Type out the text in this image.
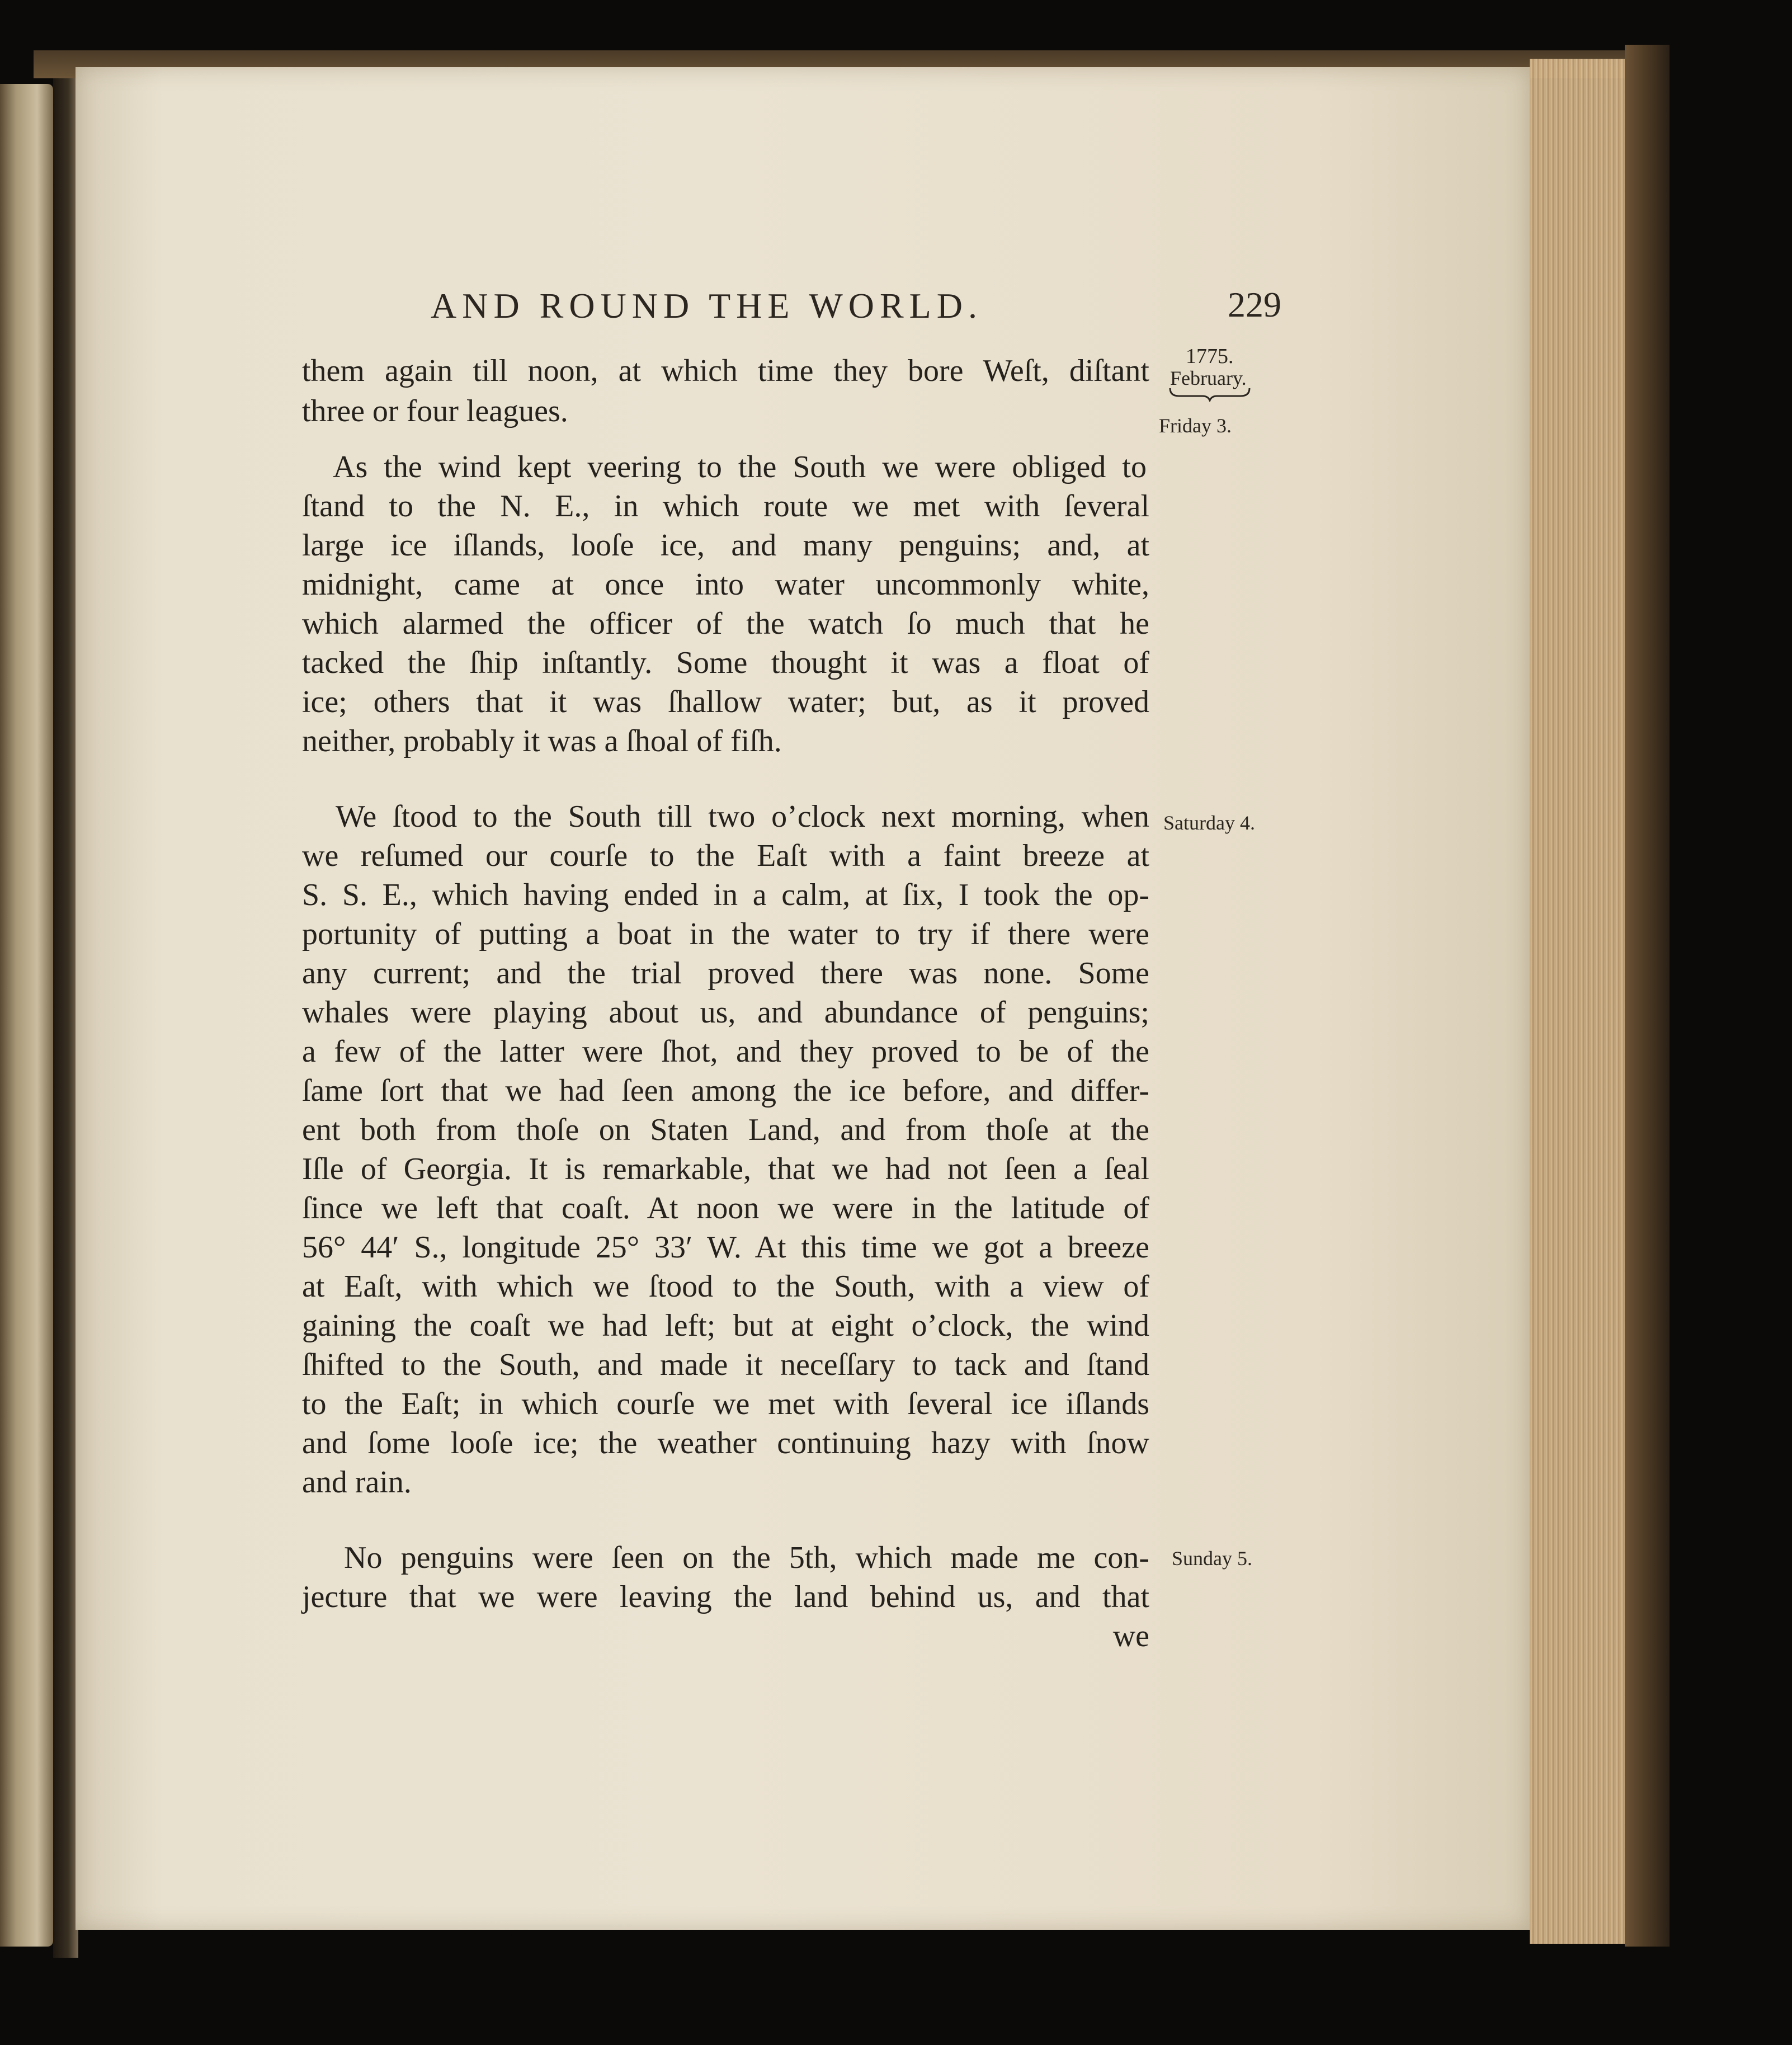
AND ROUND THE WORLD.	229
1775.
February.
Friday 3.
Saturday 4.
Sunday 5.
them again till noon, at which time they bore Weſt, diſtant
three or four leagues.
As the wind kept veering to the South we were obliged to
ſtand to the N. E., in which route we met with ſeveral
large ice iſlands, looſe ice, and many penguins; and, at
midnight, came at once into water uncommonly white,
which alarmed the officer of the watch ſo much that he
tacked the ſhip inſtantly. Some thought it was a float of
ice; others that it was ſhallow water; but, as it proved
neither, probably it was a ſhoal of fiſh.
We ſtood to the South till two o’clock next morning, when
we reſumed our courſe to the Eaſt with a faint breeze at
S. S. E., which having ended in a calm, at ſix, I took the op-
portunity of putting a boat in the water to try if there were
any current; and the trial proved there was none. Some
whales were playing about us, and abundance of penguins;
a few of the latter were ſhot, and they proved to be of the
ſame ſort that we had ſeen among the ice before, and differ-
ent both from thoſe on Staten Land, and from thoſe at the
Iſle of Georgia. It is remarkable, that we had not ſeen a ſeal
ſince we left that coaſt. At noon we were in the latitude of
56° 44′ S., longitude 25° 33′ W. At this time we got a breeze
at Eaſt, with which we ſtood to the South, with a view of
gaining the coaſt we had left; but at eight o’clock, the wind
ſhifted to the South, and made it neceſſary to tack and ſtand
to the Eaſt; in which courſe we met with ſeveral ice iſlands
and ſome looſe ice; the weather continuing hazy with ſnow
and rain.
No penguins were ſeen on the 5th, which made me con-
jecture that we were leaving the land behind us, and that
we
